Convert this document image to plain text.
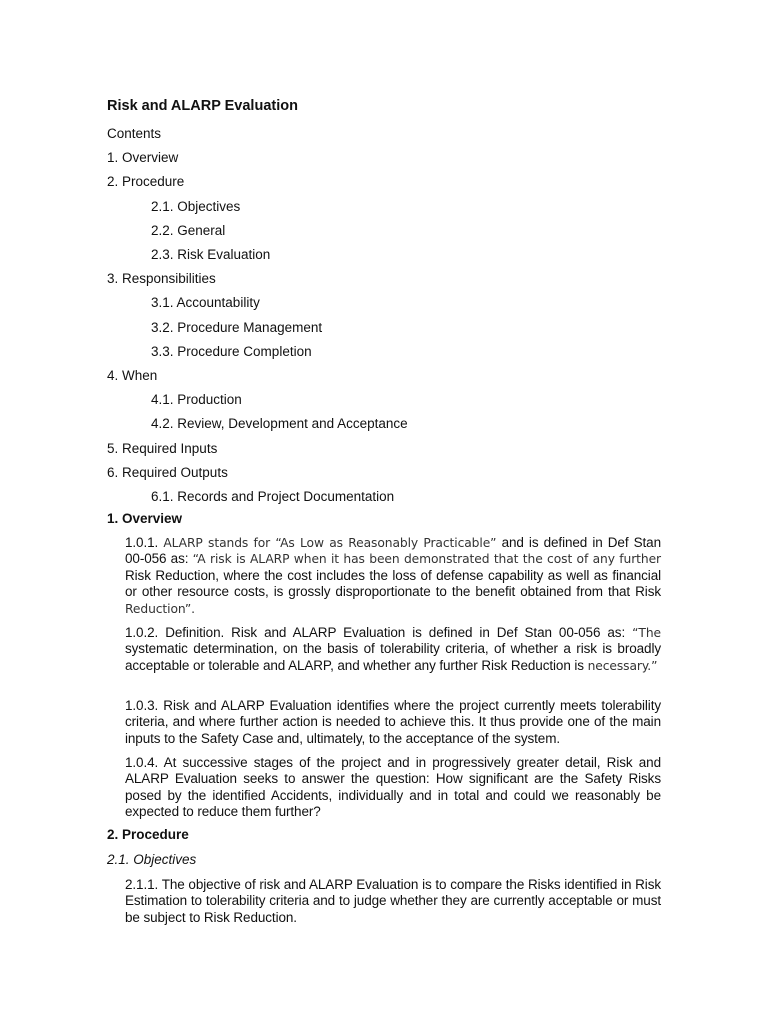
Risk and ALARP Evaluation
Contents
1. Overview
2. Procedure
2.1. Objectives
2.2. General
2.3. Risk Evaluation
3. Responsibilities
3.1. Accountability
3.2. Procedure Management
3.3. Procedure Completion
4. When
4.1. Production
4.2. Review, Development and Acceptance
5. Required Inputs
6. Required Outputs
6.1. Records and Project Documentation
1. Overview
1.0.1. ALARP stands for “As Low as Reasonably Practicable” and is defined in Def Stan 00-056 as: “A risk is ALARP when it has been demonstrated that the cost of any further Risk Reduction, where the cost includes the loss of defense capability as well as financial or other resource costs, is grossly disproportionate to the benefit obtained from that Risk Reduction”.
1.0.2. Definition. Risk and ALARP Evaluation is defined in Def Stan 00-056 as: “The systematic determination, on the basis of tolerability criteria, of whether a risk is broadly acceptable or tolerable and ALARP, and whether any further Risk Reduction is necessary.”
1.0.3. Risk and ALARP Evaluation identifies where the project currently meets tolerability criteria, and where further action is needed to achieve this. It thus provide one of the main inputs to the Safety Case and, ultimately, to the acceptance of the system.
1.0.4. At successive stages of the project and in progressively greater detail, Risk and ALARP Evaluation seeks to answer the question: How significant are the Safety Risks posed by the identified Accidents, individually and in total and could we reasonably be expected to reduce them further?
2. Procedure
2.1. Objectives
2.1.1. The objective of risk and ALARP Evaluation is to compare the Risks identified in Risk Estimation to tolerability criteria and to judge whether they are currently acceptable or must be subject to Risk Reduction.
